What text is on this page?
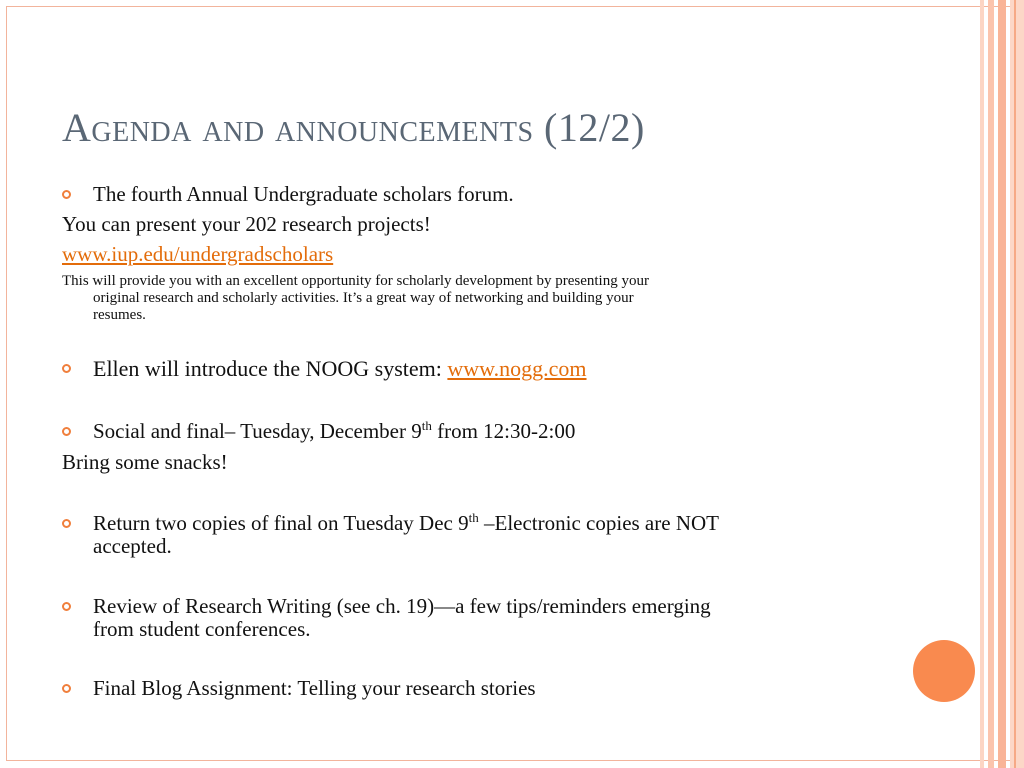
Agenda and announcements (12/2)
The fourth Annual Undergraduate scholars forum.
You can present your 202 research projects!
www.iup.edu/undergradscholars
This will provide you with an excellent opportunity for scholarly development by presenting your
original research and scholarly activities. It’s a great way of networking and building your
resumes.
Ellen will introduce the NOOG system: www.nogg.com
Social and final– Tuesday, December 9th from 12:30-2:00
Bring some snacks!
Return two copies of final on Tuesday Dec 9th –Electronic copies are NOT
accepted.
Review of Research Writing (see ch. 19)—a few tips/reminders emerging
from student conferences.
Final Blog Assignment: Telling your research stories
